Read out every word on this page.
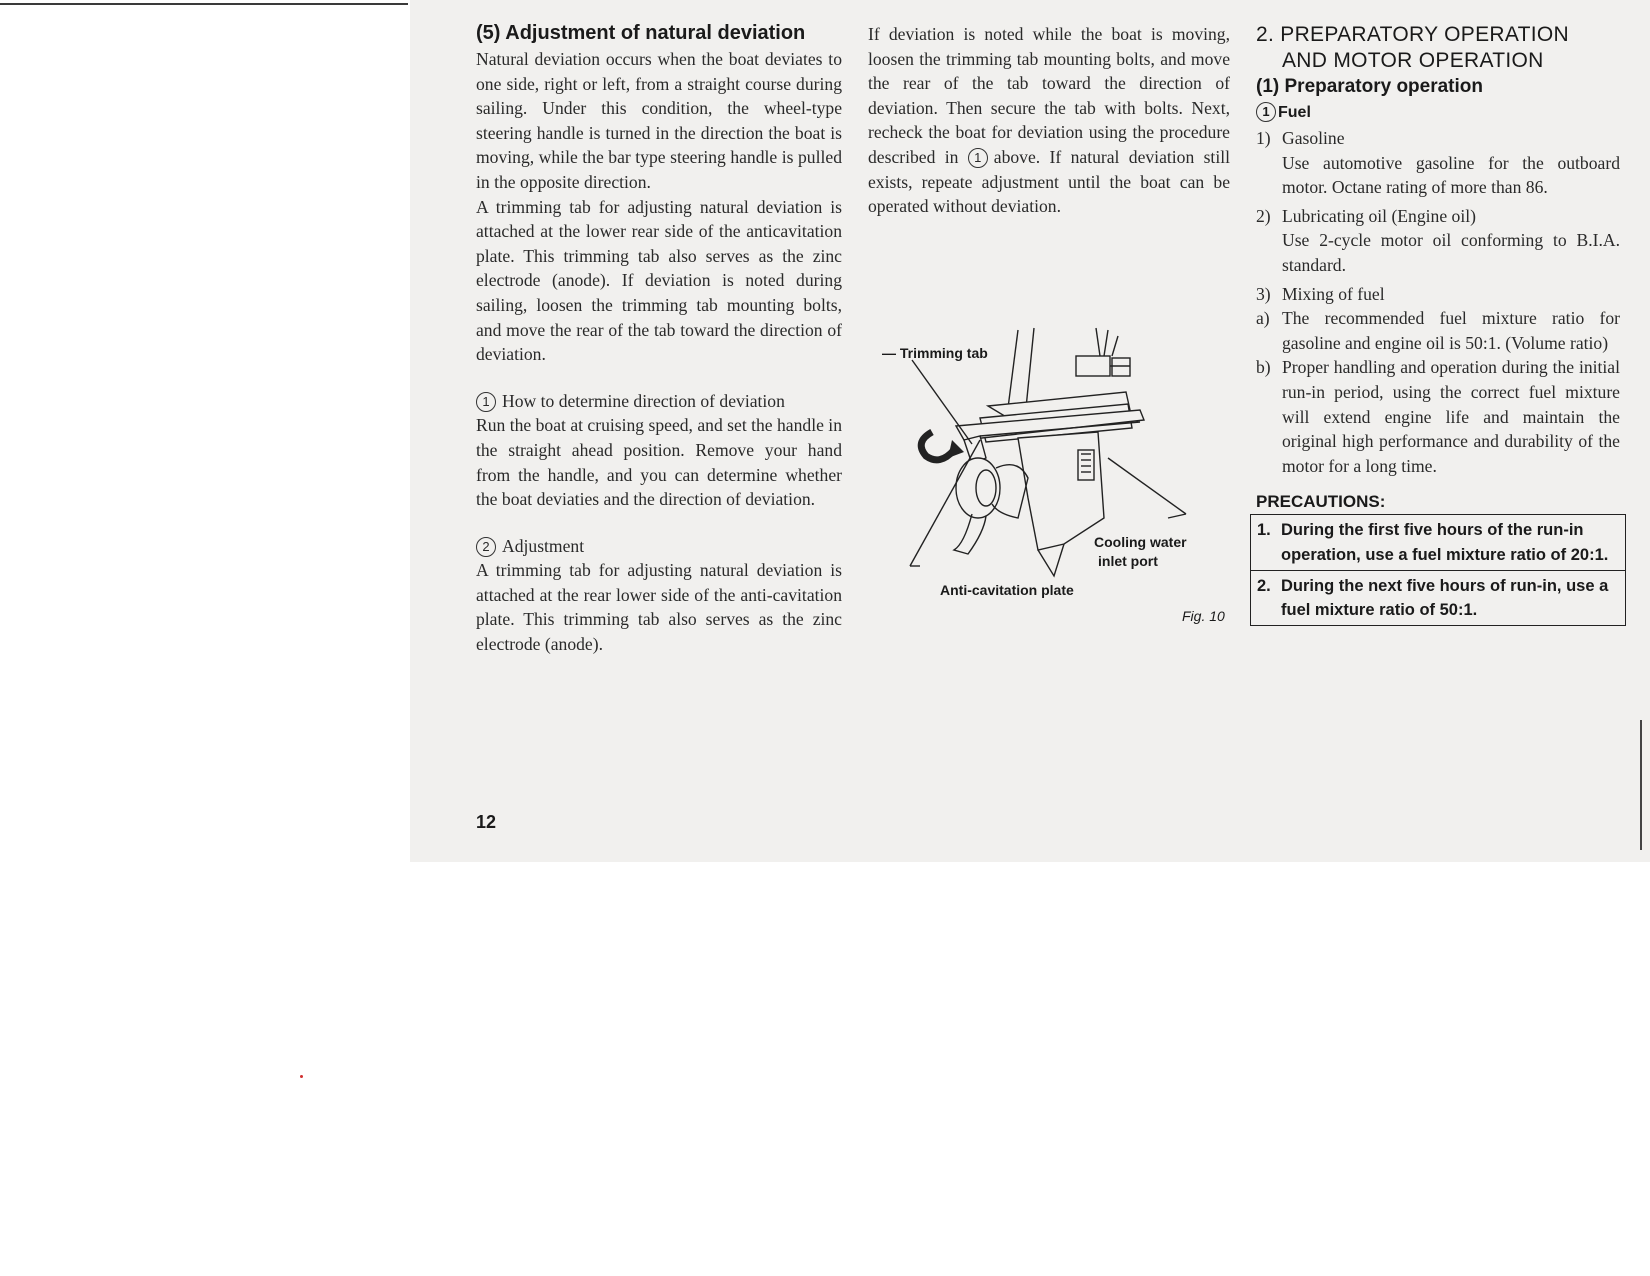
(5) Adjustment of natural deviation

Natural deviation occurs when the boat deviates to one side, right or left, from a straight course during sailing. Under this condition, the wheel-type steering handle is turned in the direction the boat is moving, while the bar type steering handle is pulled in the opposite direction.

A trimming tab for adjusting natural deviation is attached at the lower rear side of the anticavitation plate. This trimming tab also serves as the zinc electrode (anode). If deviation is noted during sailing, loosen the trimming tab mounting bolts, and move the rear of the tab toward the direction of deviation.

1 How to determine direction of deviation

Run the boat at cruising speed, and set the handle in the straight ahead position. Remove your hand from the handle, and you can determine whether the boat deviaties and the direction of deviation.

2 Adjustment

A trimming tab for adjusting natural deviation is attached at the rear lower side of the anti-cavitation plate. This trimming tab also serves as the zinc electrode (anode).

12

If deviation is noted while the boat is moving, loosen the trimming tab mounting bolts, and move the rear of the tab toward the direction of deviation. Then secure the tab with bolts. Next, recheck the boat for deviation using the procedure described in 1 above. If natural deviation still exists, repeate adjustment until the boat can be operated without deviation.

— Trimming tab
Cooling water
inlet port
Anti-cavitation plate
Fig. 10
2. PREPARATORY OPERATION
AND MOTOR OPERATION
(1) Preparatory operation
1 Fuel
1) Gasoline

Use automotive gasoline for the outboard motor. Octane rating of more than 86.

2) Lubricating oil (Engine oil)

Use 2-cycle motor oil conforming to B.I.A. standard.

3) Mixing of fuel
a) The recommended fuel mixture ratio for gasoline and engine oil is 50:1. (Volume ratio)
b) Proper handling and operation during the initial run-in period, using the correct fuel mixture will extend engine life and maintain the original high performance and durability of the motor for a long time.
PRECAUTIONS:
1. During the first five hours of the run-in operation, use a fuel mixture ratio of 20:1.
2. During the next five hours of run-in, use a fuel mixture ratio of 50:1.
